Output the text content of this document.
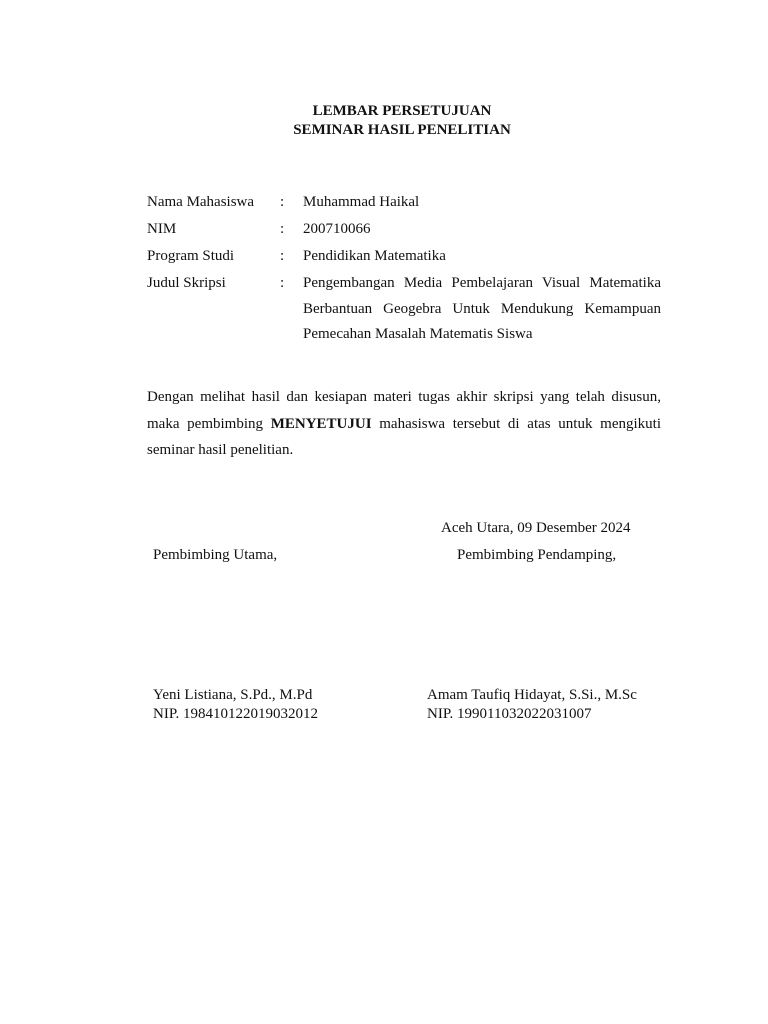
LEMBAR PERSETUJUAN
SEMINAR HASIL PENELITIAN
Nama Mahasiswa	:	Muhammad Haikal
NIM	:	200710066
Program Studi	:	Pendidikan Matematika
Judul Skripsi	:	Pengembangan Media Pembelajaran Visual Matematika Berbantuan Geogebra Untuk Mendukung Kemampuan Pemecahan Masalah Matematis Siswa
Dengan melihat hasil dan kesiapan materi tugas akhir skripsi yang telah disusun, maka pembimbing MENYETUJUI mahasiswa tersebut di atas untuk mengikuti seminar hasil penelitian.
Aceh Utara, 09 Desember 2024
Pembimbing Utama,	Pembimbing Pendamping,
Yeni Listiana, S.Pd., M.Pd
NIP. 198410122019032012
Amam Taufiq Hidayat, S.Si., M.Sc
NIP. 199011032022031007
